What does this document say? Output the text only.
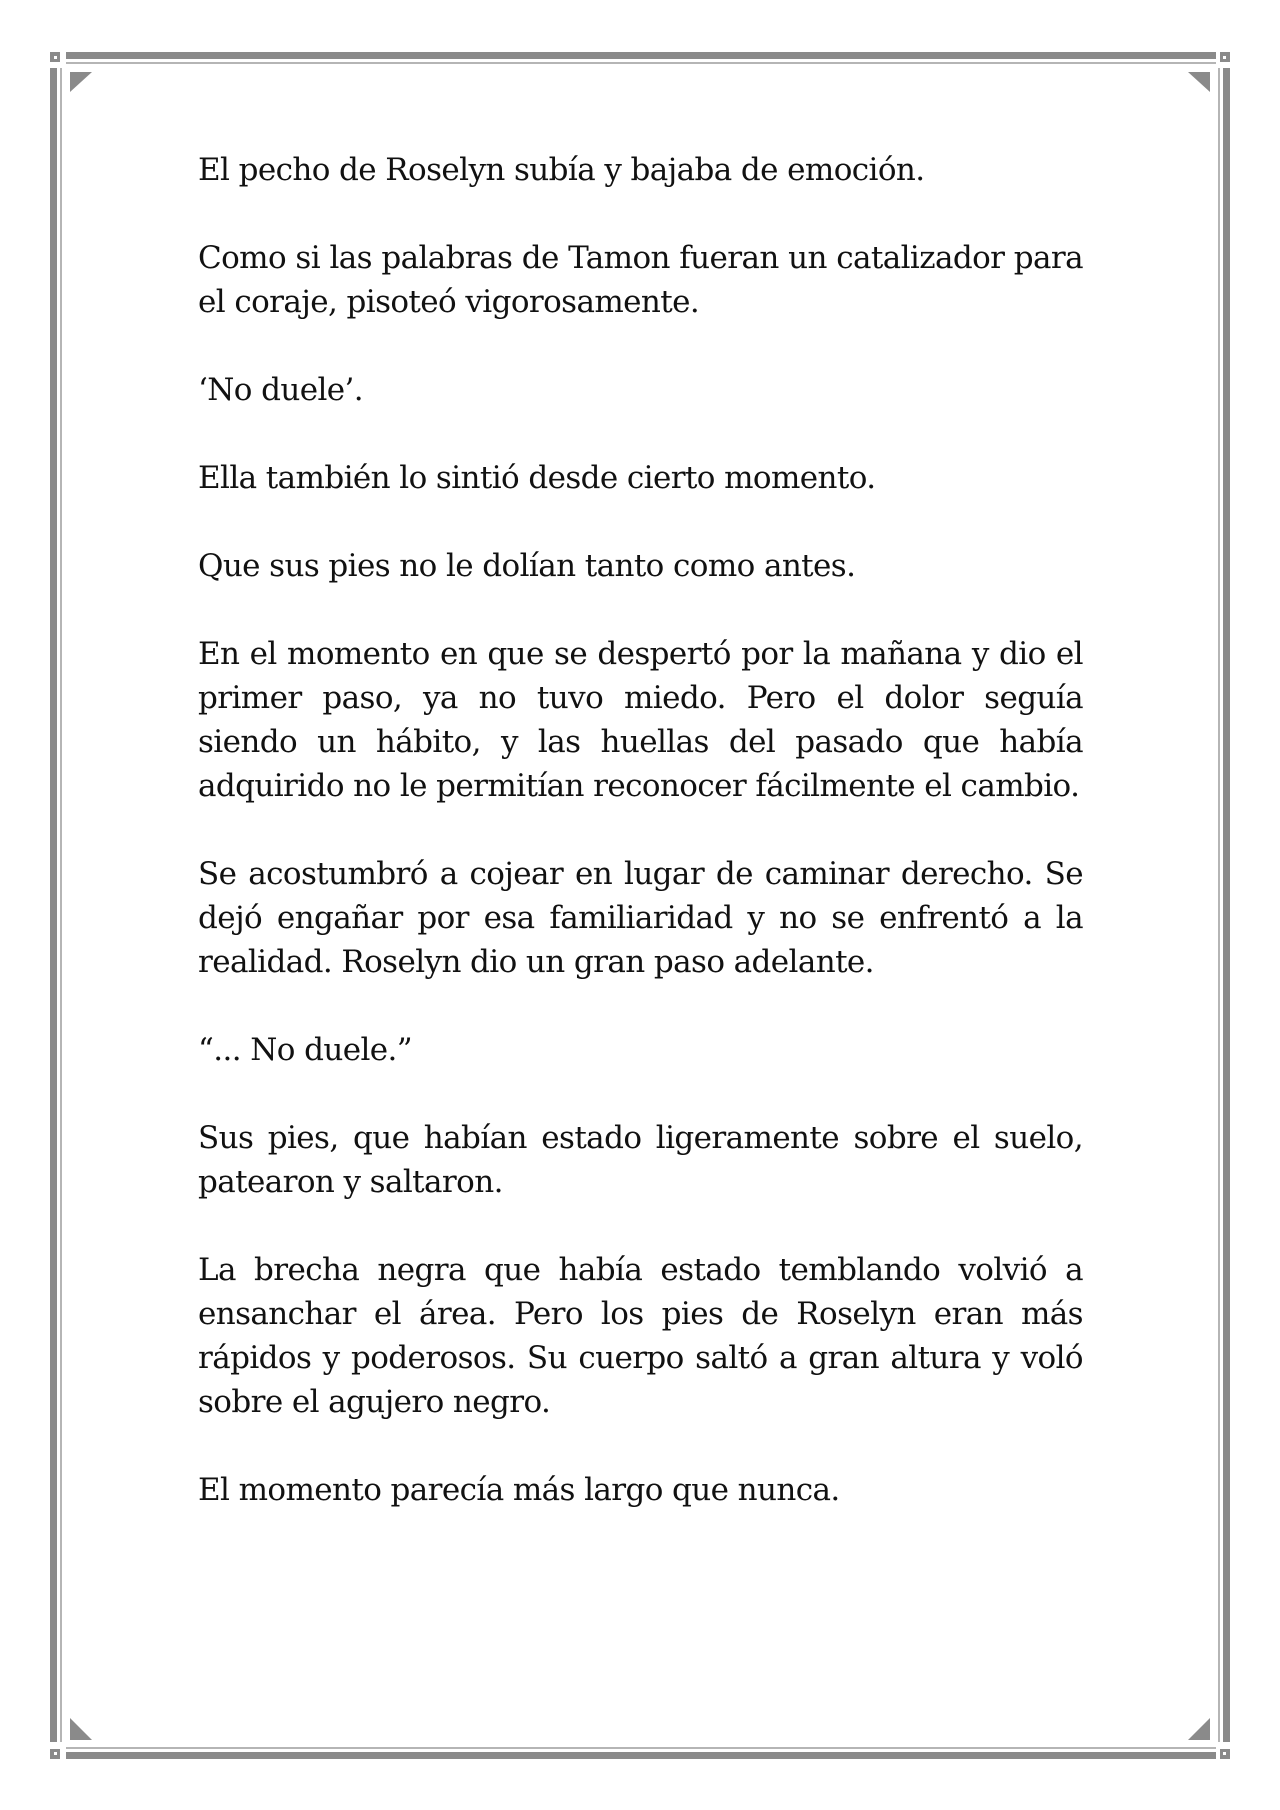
El pecho de Roselyn subía y bajaba de emoción.

Como si las palabras de Tamon fueran un catalizador para el coraje, pisoteó vigorosamente.

‘No duele’.

Ella también lo sintió desde cierto momento.

Que sus pies no le dolían tanto como antes.

En el momento en que se despertó por la mañana y dio el primer paso, ya no tuvo miedo. Pero el dolor seguía siendo un hábito, y las huellas del pasado que había adquirido no le permitían reconocer fácilmente el cambio.

Se acostumbró a cojear en lugar de caminar derecho. Se dejó engañar por esa familiaridad y no se enfrentó a la realidad. Roselyn dio un gran paso adelante.

“... No duele.”

Sus pies, que habían estado ligeramente sobre el suelo, patearon y saltaron.

La brecha negra que había estado temblando volvió a ensanchar el área. Pero los pies de Roselyn eran más rápidos y poderosos. Su cuerpo saltó a gran altura y voló sobre el agujero negro.

El momento parecía más largo que nunca.
